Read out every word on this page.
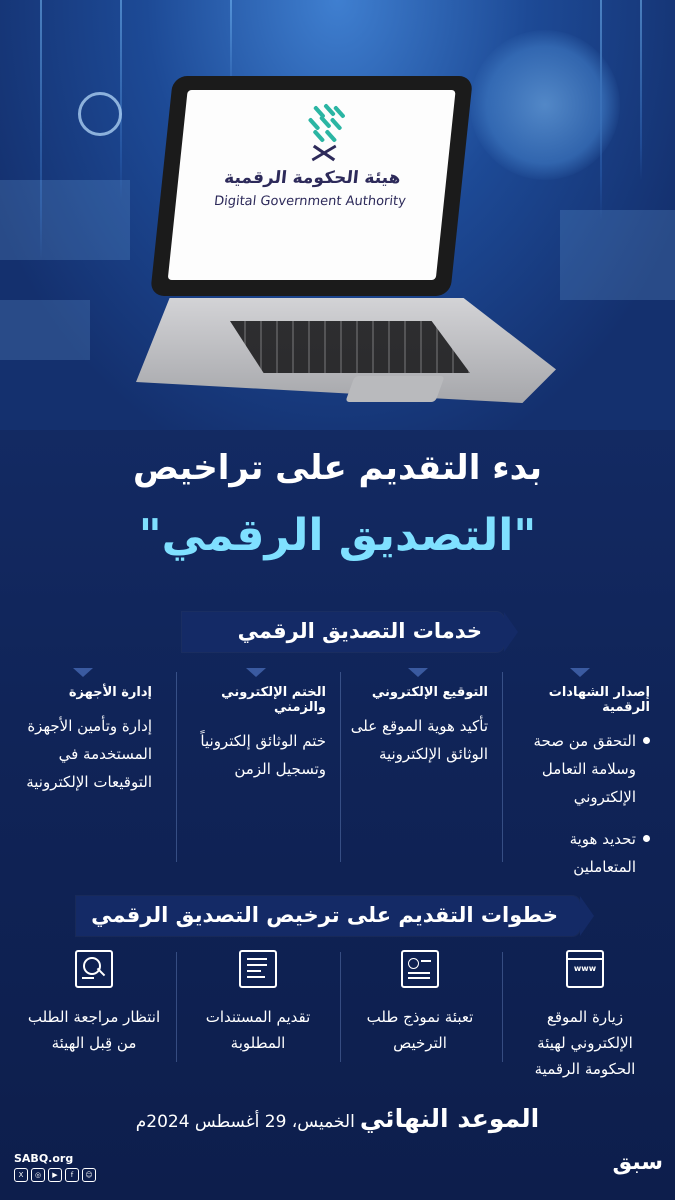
هيئة الحكومة الرقمية
Digital Government Authority
بدء التقديم على تراخيص
"التصديق الرقمي"
خدمات التصديق الرقمي
إصدار الشهادات الرقمية
التحقق من صحة وسلامة التعامل الإلكتروني
تحديد هوية المتعاملين
التوقيع الإلكتروني
تأكيد هوية الموقع على الوثائق الإلكترونية
الختم الإلكتروني والزمني
ختم الوثائق إلكترونياً وتسجيل الزمن
إدارة الأجهزة
إدارة وتأمين الأجهزة المستخدمة في التوقيعات الإلكترونية
خطوات التقديم على ترخيص التصديق الرقمي
www
زيارة الموقع الإلكتروني لهيئة الحكومة الرقمية
تعبئة نموذج طلب الترخيص
تقديم المستندات المطلوبة
انتظار مراجعة الطلب من قِبل الهيئة
الموعد النهائي الخميس، 29 أغسطس 2024م
SABQ.org
X	◎	▶	f	☺	سبق
